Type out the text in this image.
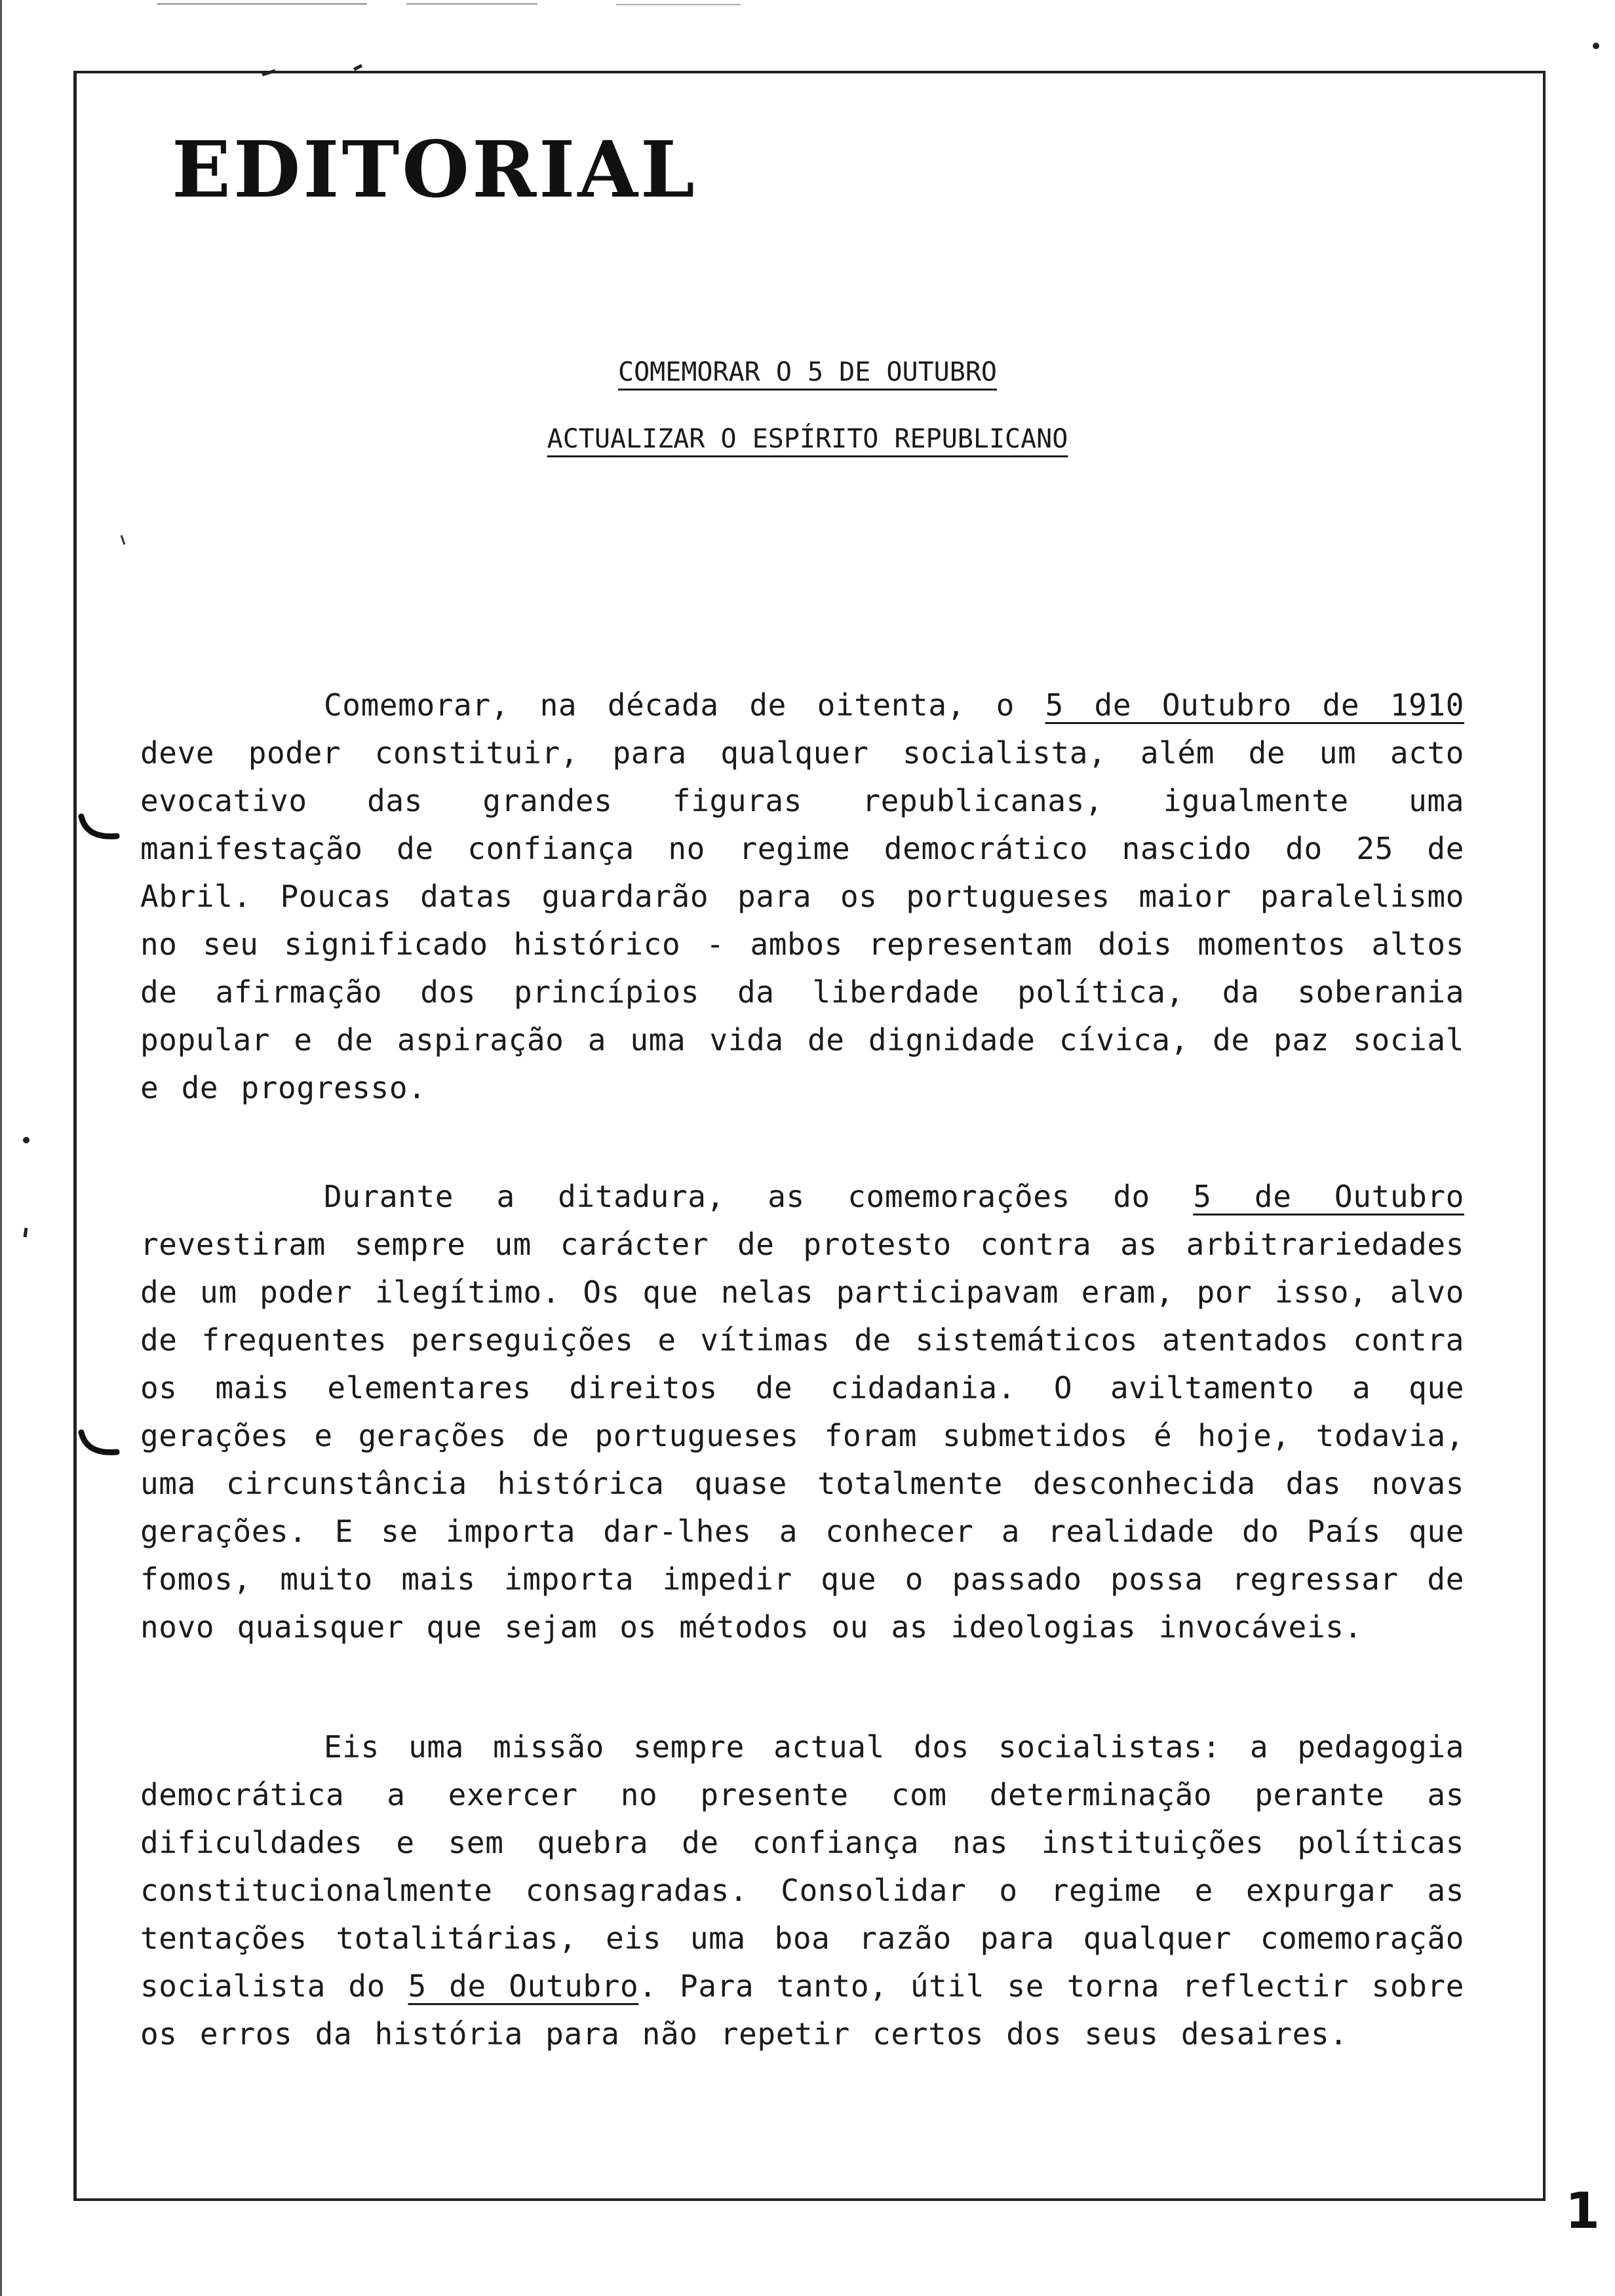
EDITORIAL
COMEMORAR O 5 DE OUTUBRO
ACTUALIZAR O ESPÍRITO REPUBLICANO
Comemorar, na década de oitenta, o 5 de Outubro de 1910 deve poder constituir, para qualquer socialista, além de um acto evocativo das grandes figuras republicanas, igualmente uma manifestação de confiança no regime democrático nascido do 25 de Abril. Poucas datas guardarão para os portugueses maior paralelismo no seu significado histórico - ambos representam dois momentos altos de afirmação dos princípios da liberdade política, da soberania popular e de aspiração a uma vida de dignidade cívica, de paz social e de progresso.
Durante a ditadura, as comemorações do 5 de Outubro revestiram sempre um carácter de protesto contra as arbitrariedades de um poder ilegítimo. Os que nelas participavam eram, por isso, alvo de frequentes perseguições e vítimas de sistemáticos atentados contra os mais elementares direitos de cidadania. O aviltamento a que gerações e gerações de portugueses foram submetidos é hoje, todavia, uma circunstância histórica quase totalmente desconhecida das novas gerações. E se importa dar-lhes a conhecer a realidade do País que fomos, muito mais importa impedir que o passado possa regressar de novo quaisquer que sejam os métodos ou as ideologias invocáveis.
Eis uma missão sempre actual dos socialistas: a pedagogia democrática a exercer no presente com determinação perante as dificuldades e sem quebra de confiança nas instituições políticas constitucionalmente consagradas. Consolidar o regime e expurgar as tentações totalitárias, eis uma boa razão para qualquer comemoração socialista do 5 de Outubro. Para tanto, útil se torna reflectir sobre os erros da história para não repetir certos dos seus desaires.
1
